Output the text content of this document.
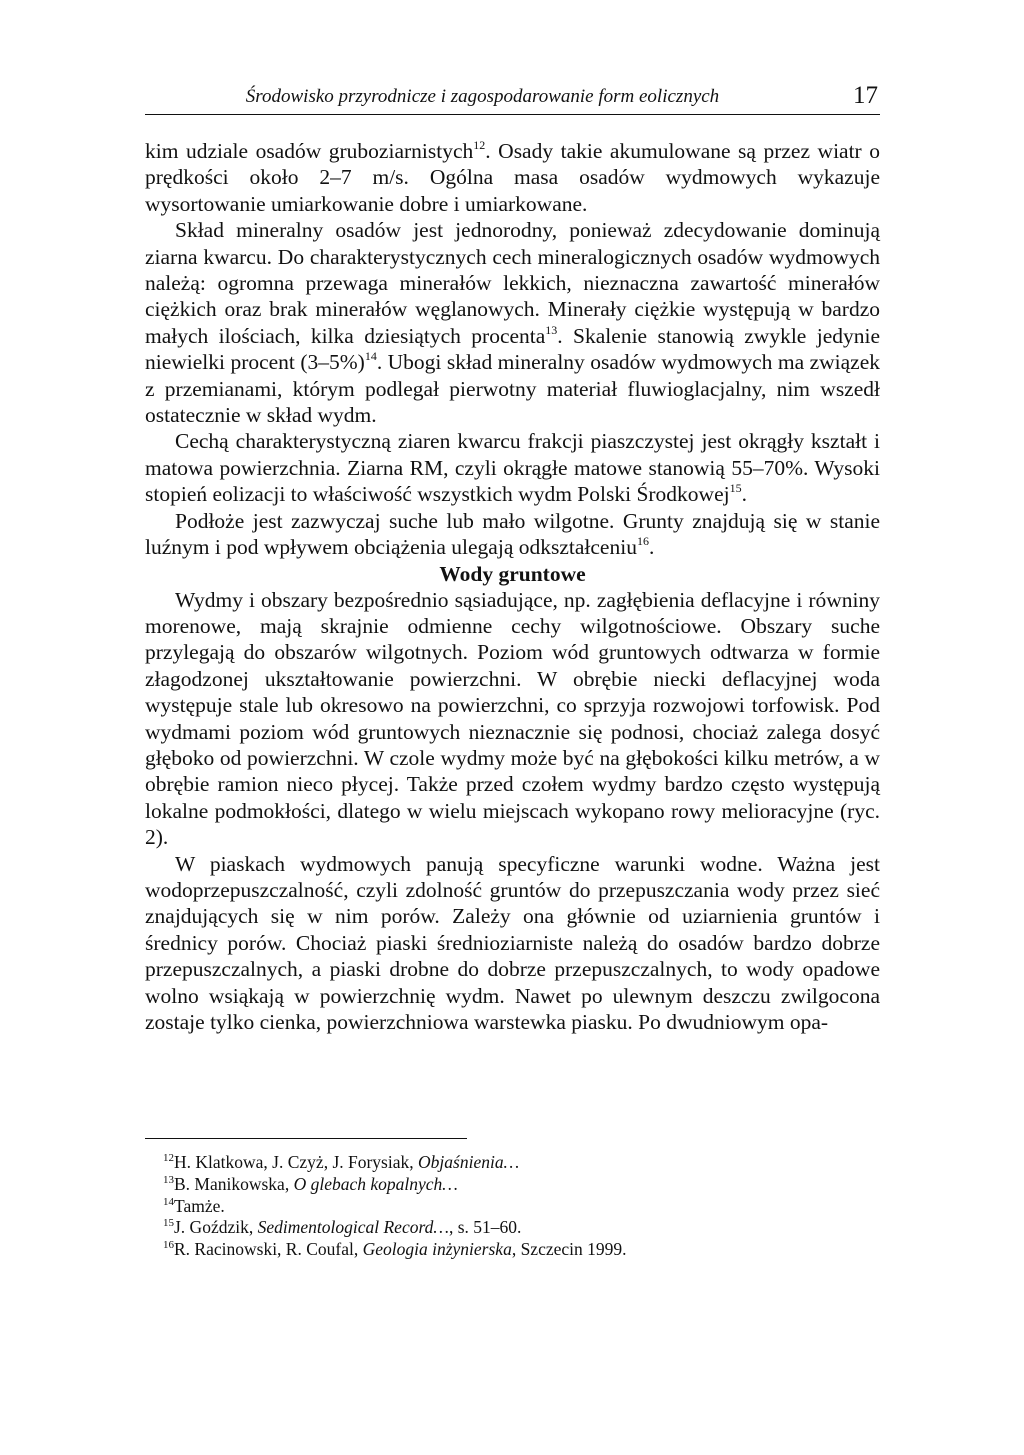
Środowisko przyrodnicze i zagospodarowanie form eolicznych	17

kim udziale osadów gruboziarnistych$^{12}$. Osady takie akumulowane są przez wiatr o prędkości około 2–7 m/s. Ogólna masa osadów wydmowych wykazuje wysortowanie umiarkowanie dobre i umiarkowane.

Skład mineralny osadów jest jednorodny, ponieważ zdecydowanie dominują ziarna kwarcu. Do charakterystycznych cech mineralogicznych osadów wydmowych należą: ogromna przewaga minerałów lekkich, nieznaczna zawartość minerałów ciężkich oraz brak minerałów węglanowych. Minerały ciężkie występują w bardzo małych ilościach, kilka dziesiątych procenta$^{13}$. Skalenie stanowią zwykle jedynie niewielki procent $(3-5\%)^{14}$. Ubogi skład mineralny osadów wydmowych ma związek z przemianami, którym podlegał pierwotny materiał fluwioglacjalny, nim wszedł ostatecznie w skład wydm.

Cechą charakterystyczną ziaren kwarcu frakcji piaszczystej jest okrągły kształt i matowa powierzchnia. Ziarna RM, czyli okrągłe matowe stanowią 55–70%. Wysoki stopień eolizacji to właściwość wszystkich wydm Polski Środkowej$^{15}$.

Podłoże jest zazwyczaj suche lub mało wilgotne. Grunty znajdują się w stanie luźnym i pod wpływem obciążenia ulegają odkształceniu$^{16}$.

Wody gruntowe

Wydmy i obszary bezpośrednio sąsiadujące, np. zagłębienia deflacyjne i równiny morenowe, mają skrajnie odmienne cechy wilgotnościowe. Obszary suche przylegają do obszarów wilgotnych. Poziom wód gruntowych odtwarza w formie złagodzonej ukształtowanie powierzchni. W obrębie niecki deflacyjnej woda występuje stale lub okresowo na powierzchni, co sprzyja rozwojowi torfowisk. Pod wydmami poziom wód gruntowych nieznacznie się podnosi, chociaż zalega dosyć głęboko od powierzchni. W czole wydmy może być na głębokości kilku metrów, a w obrębie ramion nieco płycej. Także przed czołem wydmy bardzo często występują lokalne podmokłości, dlatego w wielu miejscach wykopano rowy melioracyjne (ryc. 2).

W piaskach wydmowych panują specyficzne warunki wodne. Ważna jest wodoprzepuszczalność, czyli zdolność gruntów do przepuszczania wody przez sieć znajdujących się w nim porów. Zależy ona głównie od uziarnienia gruntów i średnicy porów. Chociaż piaski średnioziarniste należą do osadów bardzo dobrze przepuszczalnych, a piaski drobne do dobrze przepuszczalnych, to wody opadowe wolno wsiąkają w powierzchnię wydm. Nawet po ulewnym deszczu zwilgocona zostaje tylko cienka, powierzchniowa warstewka piasku. Po dwudniowym opa-

$^{12}$H. Klatkowa, J. Czyż, J. Forysiak, Objaśnienia…

$^{13}$B. Manikowska, O glebach kopalnych…

$^{14}$Tamże.

$^{15}$J. Goździk, Sedimentological Record…, s. 51–60.

$^{16}$R. Racinowski, R. Coufal, Geologia inżynierska, Szczecin 1999.
